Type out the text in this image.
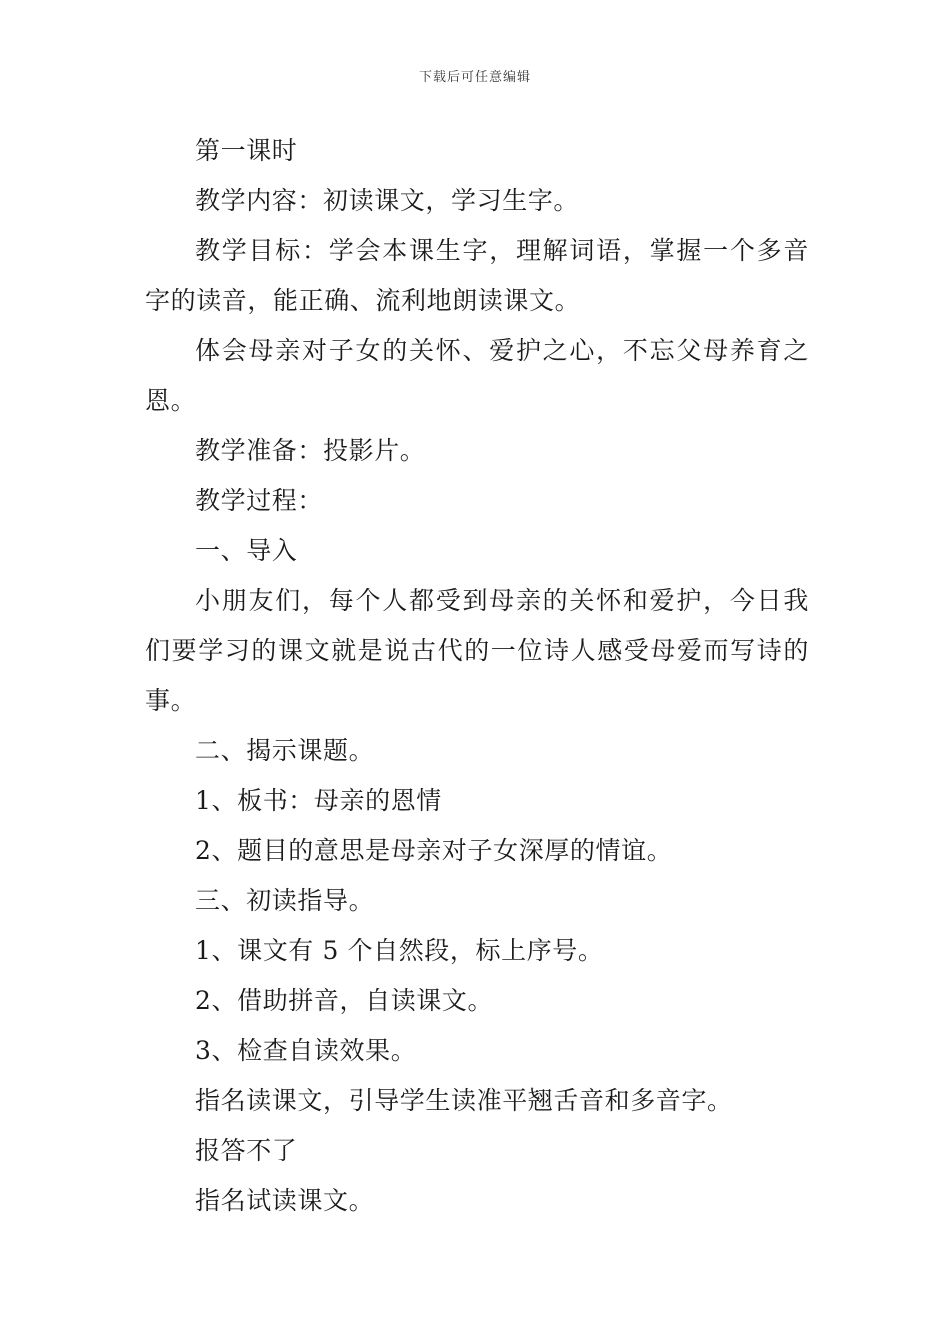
下载后可任意编辑

第一课时

教学内容：初读课文，学习生字。

教学目标：学会本课生字，理解词语，掌握一个多音字的读音，能正确、流利地朗读课文。

体会母亲对子女的关怀、爱护之心，不忘父母养育之恩。

教学准备：投影片。

教学过程：

一、导入

小朋友们，每个人都受到母亲的关怀和爱护，今日我们要学习的课文就是说古代的一位诗人感受母爱而写诗的事。

二、揭示课题。

1、板书：母亲的恩情

2、题目的意思是母亲对子女深厚的情谊。

三、初读指导。

1、课文有 5 个自然段，标上序号。

2、借助拼音，自读课文。

3、检查自读效果。

指名读课文，引导学生读准平翘舌音和多音字。

报答不了

指名试读课文。
